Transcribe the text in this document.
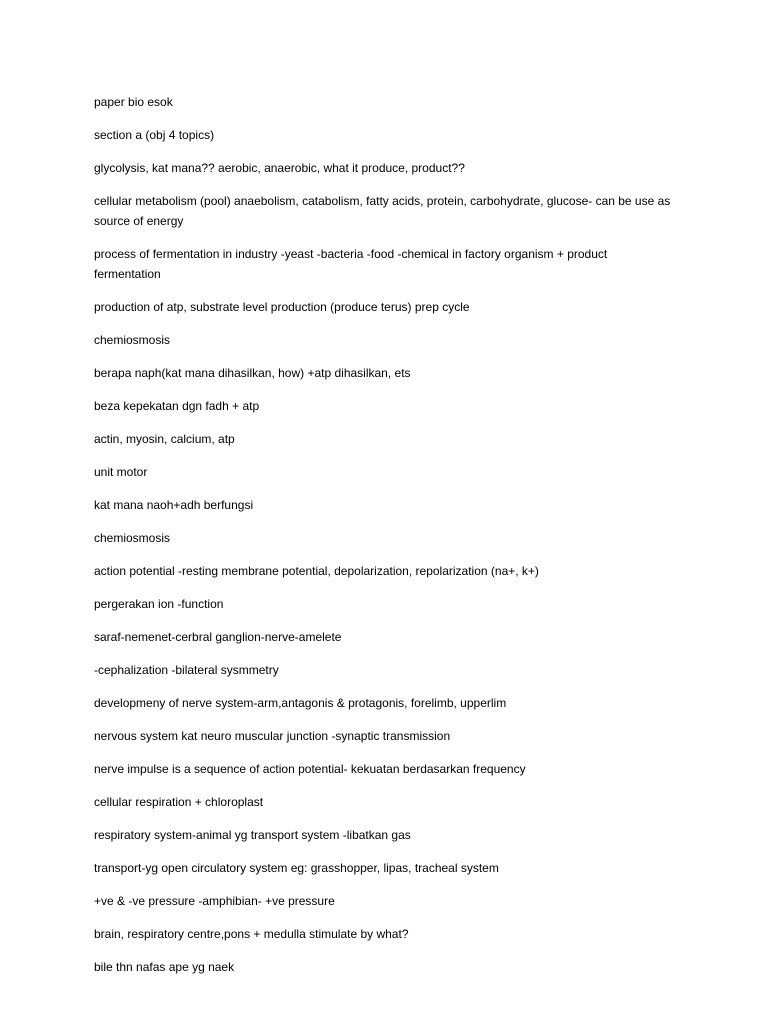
paper bio esok
section a (obj 4 topics)
glycolysis, kat mana?? aerobic, anaerobic, what it produce, product??
cellular metabolism (pool) anaebolism, catabolism, fatty acids, protein, carbohydrate, glucose- can be use as source of energy
process of fermentation in industry -yeast -bacteria -food -chemical in factory organism + product fermentation
production of atp, substrate level production (produce terus) prep cycle
chemiosmosis
berapa naph(kat mana dihasilkan, how) +atp dihasilkan, ets
beza kepekatan dgn fadh + atp
actin, myosin, calcium, atp
unit motor
kat mana naoh+adh berfungsi
chemiosmosis
action potential -resting membrane potential, depolarization, repolarization (na+, k+)
pergerakan ion -function
saraf-nemenet-cerbral ganglion-nerve-amelete
-cephalization -bilateral sysmmetry
developmeny of nerve system-arm,antagonis & protagonis, forelimb, upperlim
nervous system kat neuro muscular junction -synaptic transmission
nerve impulse is a sequence of action potential- kekuatan berdasarkan frequency
cellular respiration + chloroplast
respiratory system-animal yg transport system -libatkan gas
transport-yg open circulatory system eg: grasshopper, lipas, tracheal system
+ve & -ve pressure -amphibian- +ve pressure
brain, respiratory centre,pons + medulla stimulate by what?
bile thn nafas ape yg naek
